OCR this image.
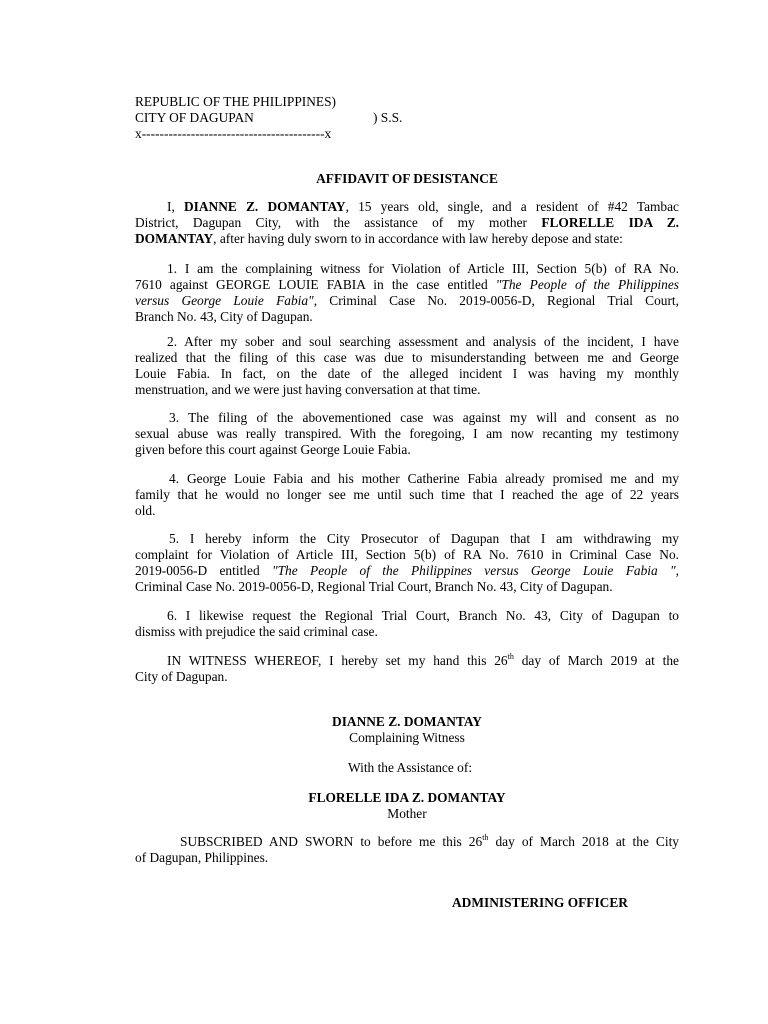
REPUBLIC OF THE PHILIPPINES)
CITY OF DAGUPAN	) S.S.
x-----------------------------------------x
AFFIDAVIT OF DESISTANCE
I, DIANNE Z. DOMANTAY, 15 years old, single, and a resident of #42 Tambac
District, Dagupan City, with the assistance of my mother FLORELLE IDA Z.
DOMANTAY, after having duly sworn to in accordance with law hereby depose and state:
1. I am the complaining witness for Violation of Article III, Section 5(b) of RA No.
7610 against GEORGE LOUIE FABIA in the case entitled "The People of the Philippines
versus George Louie Fabia", Criminal Case No. 2019-0056-D, Regional Trial Court,
Branch No. 43, City of Dagupan.
2. After my sober and soul searching assessment and analysis of the incident, I have
realized that the filing of this case was due to misunderstanding between me and George
Louie Fabia. In fact, on the date of the alleged incident I was having my monthly
menstruation, and we were just having conversation at that time.
3. The filing of the abovementioned case was against my will and consent as no
sexual abuse was really transpired. With the foregoing, I am now recanting my testimony
given before this court against George Louie Fabia.
4. George Louie Fabia and his mother Catherine Fabia already promised me and my
family that he would no longer see me until such time that I reached the age of 22 years
old.
5. I hereby inform the City Prosecutor of Dagupan that I am withdrawing my
complaint for Violation of Article III, Section 5(b) of RA No. 7610 in Criminal Case No.
2019-0056-D entitled "The People of the Philippines versus George Louie Fabia ",
Criminal Case No. 2019-0056-D, Regional Trial Court, Branch No. 43, City of Dagupan.
6. I likewise request the Regional Trial Court, Branch No. 43, City of Dagupan to
dismiss with prejudice the said criminal case.
IN WITNESS WHEREOF, I hereby set my hand this 26th day of March 2019 at the
City of Dagupan.
DIANNE Z. DOMANTAY
Complaining Witness
With the Assistance of:
FLORELLE IDA Z. DOMANTAY
Mother
SUBSCRIBED AND SWORN to before me this 26th day of March 2018 at the City
of Dagupan, Philippines.
ADMINISTERING OFFICER
